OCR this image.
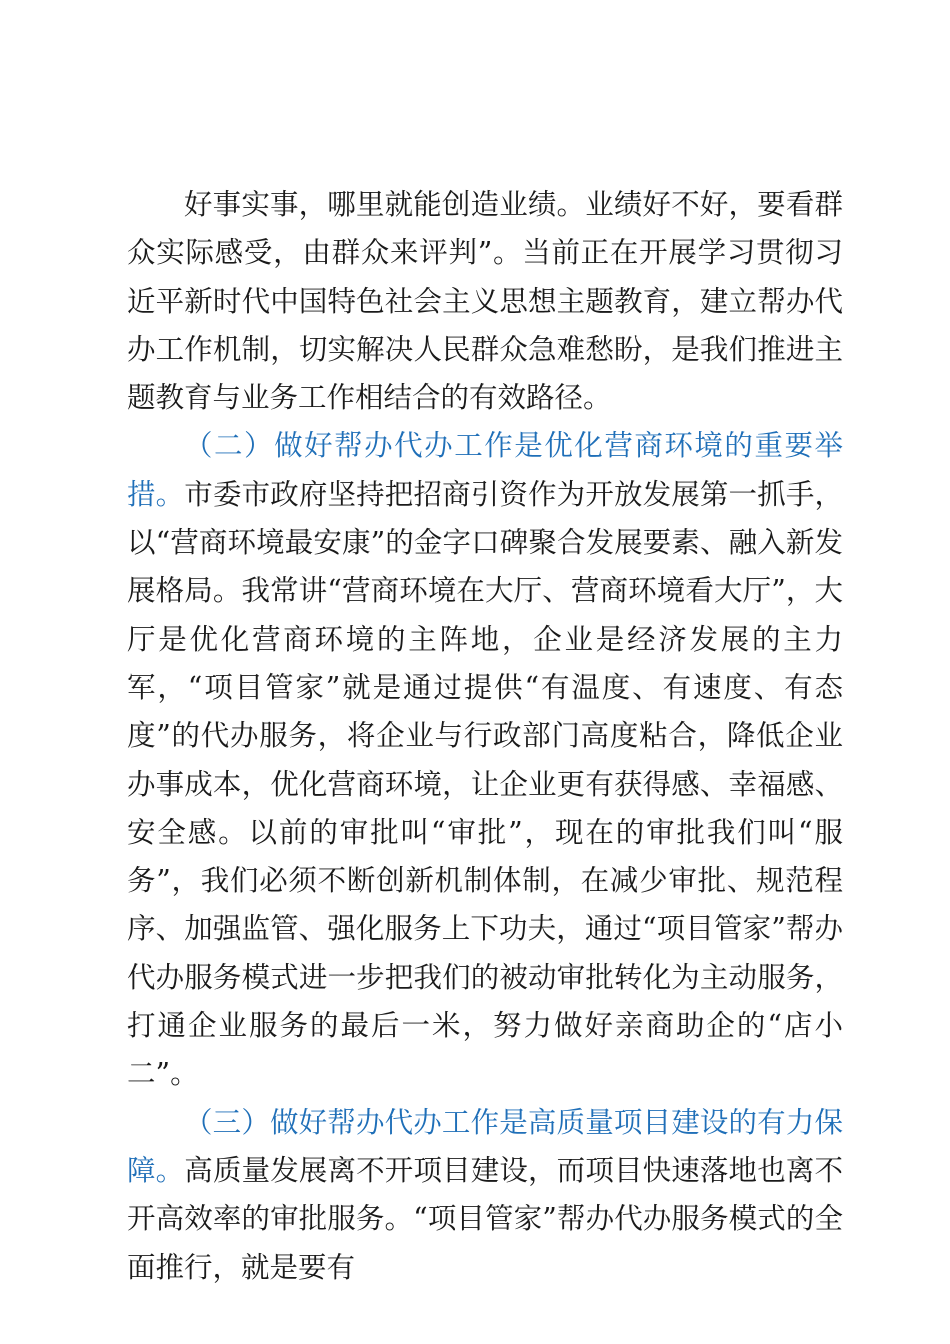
好事实事，哪里就能创造业绩。业绩好不好，要看群众实际感受，由群众来评判”。当前正在开展学习贯彻习近平新时代中国特色社会主义思想主题教育，建立帮办代办工作机制，切实解决人民群众急难愁盼，是我们推进主题教育与业务工作相结合的有效路径。

（二）做好帮办代办工作是优化营商环境的重要举措。市委市政府坚持把招商引资作为开放发展第一抓手，以“营商环境最安康”的金字口碑聚合发展要素、融入新发展格局。我常讲“营商环境在大厅、营商环境看大厅”，大厅是优化营商环境的主阵地，企业是经济发展的主力军，“项目管家”就是通过提供“有温度、有速度、有态度”的代办服务，将企业与行政部门高度粘合，降低企业办事成本，优化营商环境，让企业更有获得感、幸福感、安全感。以前的审批叫“审批”，现在的审批我们叫“服务”，我们必须不断创新机制体制，在减少审批、规范程序、加强监管、强化服务上下功夫，通过“项目管家”帮办代办服务模式进一步把我们的被动审批转化为主动服务，打通企业服务的最后一米，努力做好亲商助企的“店小二”。

（三）做好帮办代办工作是高质量项目建设的有力保障。高质量发展离不开项目建设，而项目快速落地也离不开高效率的审批服务。“项目管家”帮办代办服务模式的全面推行，就是要有
